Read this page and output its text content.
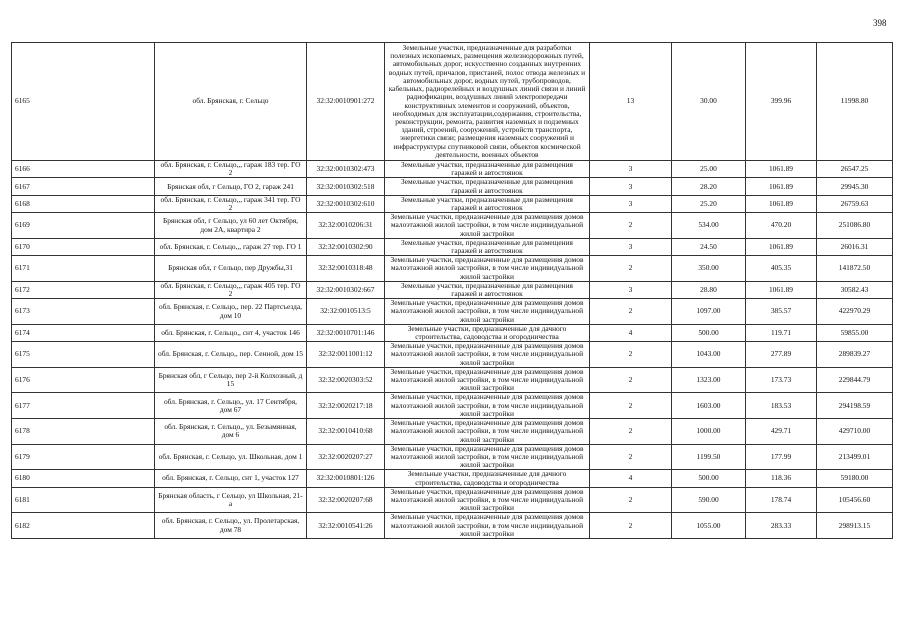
398
6165	обл. Брянская, г. Сельцо	32:32:0010901:272	Земельные участки, предназначенные для разработки полезных ископаемых, размещения железнодорожных путей, автомобильных дорог, искусственно созданных внутренних водных путей, причалов, пристаней, полос отвода железных и автомобильных дорог, водных путей, трубопроводов, кабельных, радиорелейных и воздушных линий связи и линий радиофикации, воздушных линий электропередачи конструктивных элементов и сооружений, объектов, необходимых для эксплуатации,содержания, строительства, реконструкции, ремонта, развития наземных и подземных зданий, строений, сооружений, устройств транспорта, энергетики связи; размещения наземных сооружений и инфраструктуры спутниковой связи, объектов космической деятельности, военных объектов	13	30.00	399.96	11998.80
6166	обл. Брянская, г. Сельцо,,, гараж 183 тер. ГО 2	32:32:0010302:473	Земельные участки, предназначенные для размещения гаражей и автостоянок	3	25.00	1061.89	26547.25
6167	Брянская обл, г Сельцо, ГО 2, гараж 241	32:32:0010302:518	Земельные участки, предназначенные для размещения гаражей и автостоянок	3	28.20	1061.89	29945.30
6168	обл. Брянская, г. Сельцо,,, гараж 341 тер. ГО 2	32:32:0010302:610	Земельные участки, предназначенные для размещения гаражей и автостоянок	3	25.20	1061.89	26759.63
6169	Брянская обл, г Сельцо, ул 60 лет Октября, дом 2А, квартира 2	32:32:0010206:31	Земельные участки, предназначенные для размещения домов малоэтажной жилой застройки, в том числе индивидуальной жилой застройки	2	534.00	470.20	251086.80
6170	обл. Брянская, г. Сельцо,,, гараж 27 тер. ГО 1	32:32:0010302:90	Земельные участки, предназначенные для размещения гаражей и автостоянок	3	24.50	1061.89	26016.31
6171	Брянская обл, г Сельцо, пер Дружбы,31	32:32:0010318:48	Земельные участки, предназначенные для размещения домов малоэтажной жилой застройки, в том числе индивидуальной жилой застройки	2	350.00	405.35	141872.50
6172	обл. Брянская, г. Сельцо,,, гараж 405 тер. ГО 2	32:32:0010302:667	Земельные участки, предназначенные для размещения гаражей и автостоянок	3	28.80	1061.89	30582.43
6173	обл. Брянская, г. Сельцо,, пер. 22 Партсъезда, дом 10	32:32:0010513:5	Земельные участки, предназначенные для размещения домов малоэтажной жилой застройки, в том числе индивидуальной жилой застройки	2	1097.00	385.57	422970.29
6174	обл. Брянская, г. Сельцо,, снт 4, участок 146	32:32:0010701:146	Земельные участки, предназначенные для дачного строительства, садоводства и огородничества	4	500.00	119.71	59855.00
6175	обл. Брянская, г. Сельцо,, пер. Сенной, дом 15	32:32:0011001:12	Земельные участки, предназначенные для размещения домов малоэтажной жилой застройки, в том числе индивидуальной жилой застройки	2	1043.00	277.89	289839.27
6176	Брянская обл, г Сельцо, пер 2-й Колхозный, д 15	32:32:0020303:52	Земельные участки, предназначенные для размещения домов малоэтажной жилой застройки, в том числе индивидуальной жилой застройки	2	1323.00	173.73	229844.79
6177	обл. Брянская, г. Сельцо,, ул. 17 Сентября, дом 67	32:32:0020217:18	Земельные участки, предназначенные для размещения домов малоэтажной жилой застройки, в том числе индивидуальной жилой застройки	2	1603.00	183.53	294198.59
6178	обл. Брянская, г. Сельцо,, ул. Безымянная, дом 6	32:32:0010410:68	Земельные участки, предназначенные для размещения домов малоэтажной жилой застройки, в том числе индивидуальной жилой застройки	2	1000.00	429.71	429710.00
6179	обл. Брянская, г. Сельцо, ул. Школьная, дом 1	32:32:0020207:27	Земельные участки, предназначенные для размещения домов малоэтажной жилой застройки, в том числе индивидуальной жилой застройки	2	1199.50	177.99	213499.01
6180	обл. Брянская, г. Сельцо, снт 1, участок 127	32:32:0010801:126	Земельные участки, предназначенные для дачного строительства, садоводства и огородничества	4	500.00	118.36	59180.00
6181	Брянская область, г Сельцо, ул Школьная, 21-а	32:32:0020207:68	Земельные участки, предназначенные для размещения домов малоэтажной жилой застройки, в том числе индивидуальной жилой застройки	2	590.00	178.74	105456.60
6182	обл. Брянская, г. Сельцо,, ул. Пролетарская, дом 78	32:32:0010541:26	Земельные участки, предназначенные для размещения домов малоэтажной жилой застройки, в том числе индивидуальной жилой застройки	2	1055.00	283.33	298913.15
